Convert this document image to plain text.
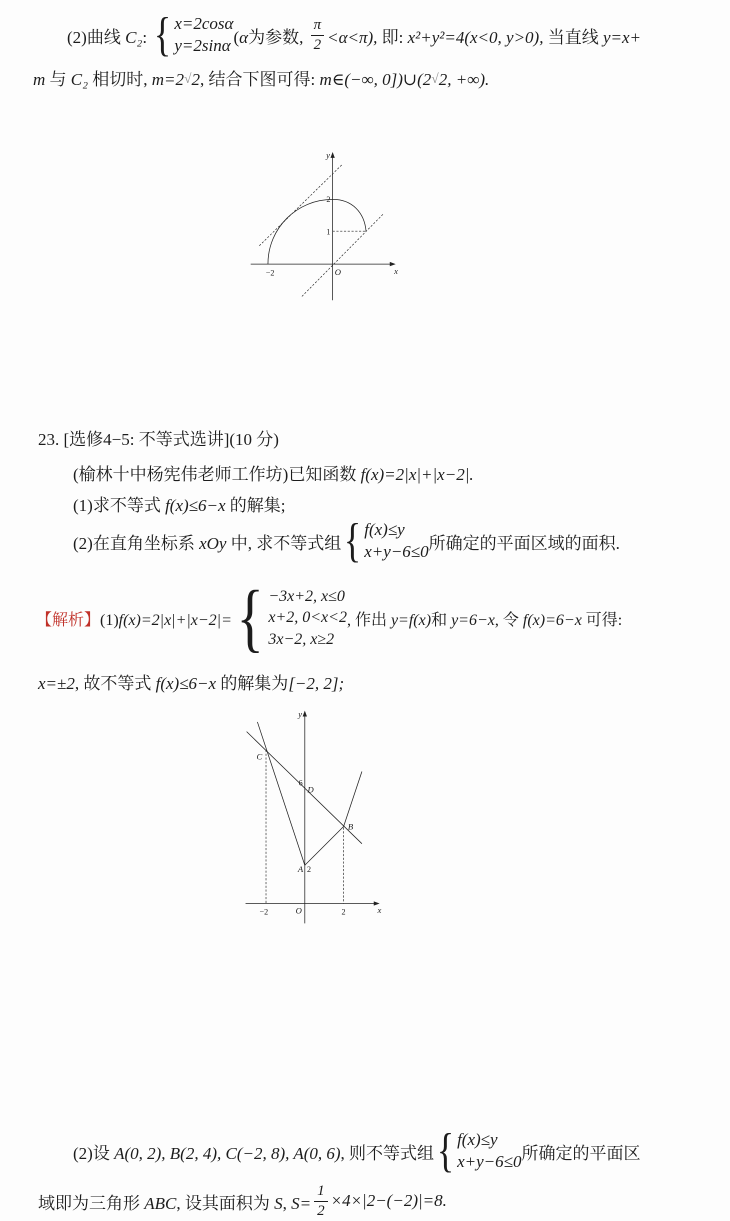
(2)曲线 C₂:
{ x=2cosα
y=2sinα (α为参数, $\frac{\pi}{2} <\alpha<\pi$), 即: x²+y²=4(x<0, y>0), 当直线 y=x+
m 与 C₂ 相切时, m=2√2, 结合下图可得: m∈(−∞, 0])∪(2√2, +∞).
y
x
O
2
1
−2
23. [选修4−5: 不等式选讲](10 分)
(榆林十中杨宪伟老师工作坊)已知函数 f(x)=2|x|+|x−2|.
(1)求不等式 f(x)≤6−x 的解集;
(2)在直角坐标系 xOy 中, 求不等式组
{ f(x)≤y
x+y−6≤0 所确定的平面区域的面积.
【解析】(1)f(x)=2|x|+|x−2|=
{ −3x+2, x≤0
x+2, 0<x<2
3x−2, x≥2
, 作出 y=f(x)和 y=6−x, 令 f(x)=6−x 可得:
x=±2, 故不等式 f(x)≤6−x 的解集为[−2, 2];
y
x
O
C
6
D
B
A 2
−2	2
(2)设 A(0, 2), B(2, 4), C(−2, 8), A(0, 6), 则不等式组
{ f(x)≤y
x+y−6≤0 所确定的平面区
域即为三角形 ABC, 设其面积为 S, $S= \frac{1}{2} \times 4\times|2-(-2)|=8$.
